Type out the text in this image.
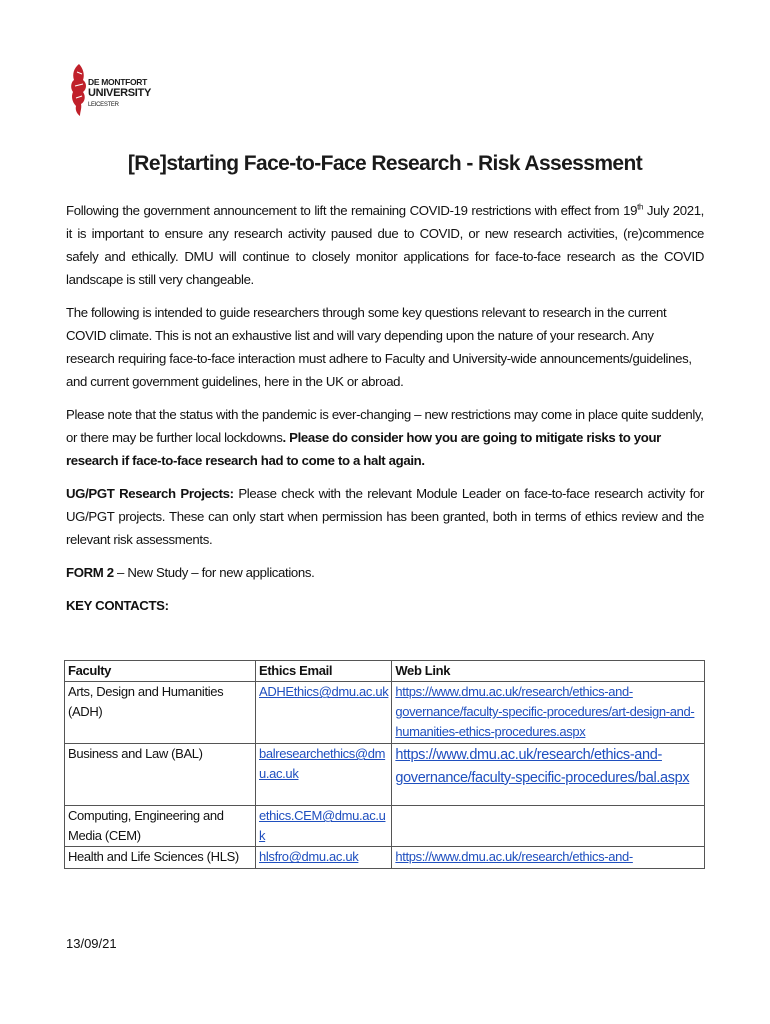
DE MONTFORT
UNIVERSITY
LEICESTER
[Re]starting Face-to-Face Research - Risk Assessment

Following the government announcement to lift the remaining COVID-19 restrictions with effect from 19th July 2021, it is important to ensure any research activity paused due to COVID, or new research activities, (re)commence safely and ethically. DMU will continue to closely monitor applications for face-to-face research as the COVID landscape is still very changeable.

The following is intended to guide researchers through some key questions relevant to research in the current COVID climate. This is not an exhaustive list and will vary depending upon the nature of your research. Any research requiring face-to-face interaction must adhere to Faculty and University-wide announcements/guidelines, and current government guidelines, here in the UK or abroad.

Please note that the status with the pandemic is ever-changing – new restrictions may come in place quite suddenly, or there may be further local lockdowns. Please do consider how you are going to mitigate risks to your research if face-to-face research had to come to a halt again.

UG/PGT Research Projects: Please check with the relevant Module Leader on face-to-face research activity for UG/PGT projects. These can only start when permission has been granted, both in terms of ethics review and the relevant risk assessments.

FORM 2 – New Study – for new applications.

KEY CONTACTS:

Faculty	Ethics Email	Web Link
Arts, Design and Humanities (ADH)	ADHEthics@dmu.ac.uk	https://www.dmu.ac.uk/research/ethics-and-governance/faculty-specific-procedures/art-design-and-humanities-ethics-procedures.aspx
Business and Law (BAL)	balresearchethics@dmu.ac.uk	https://www.dmu.ac.uk/research/ethics-and-governance/faculty-specific-procedures/bal.aspx
Computing, Engineering and Media (CEM)	ethics.CEM@dmu.ac.uk	
Health and Life Sciences (HLS)	hlsfro@dmu.ac.uk	https://www.dmu.ac.uk/research/ethics-and-
13/09/21
